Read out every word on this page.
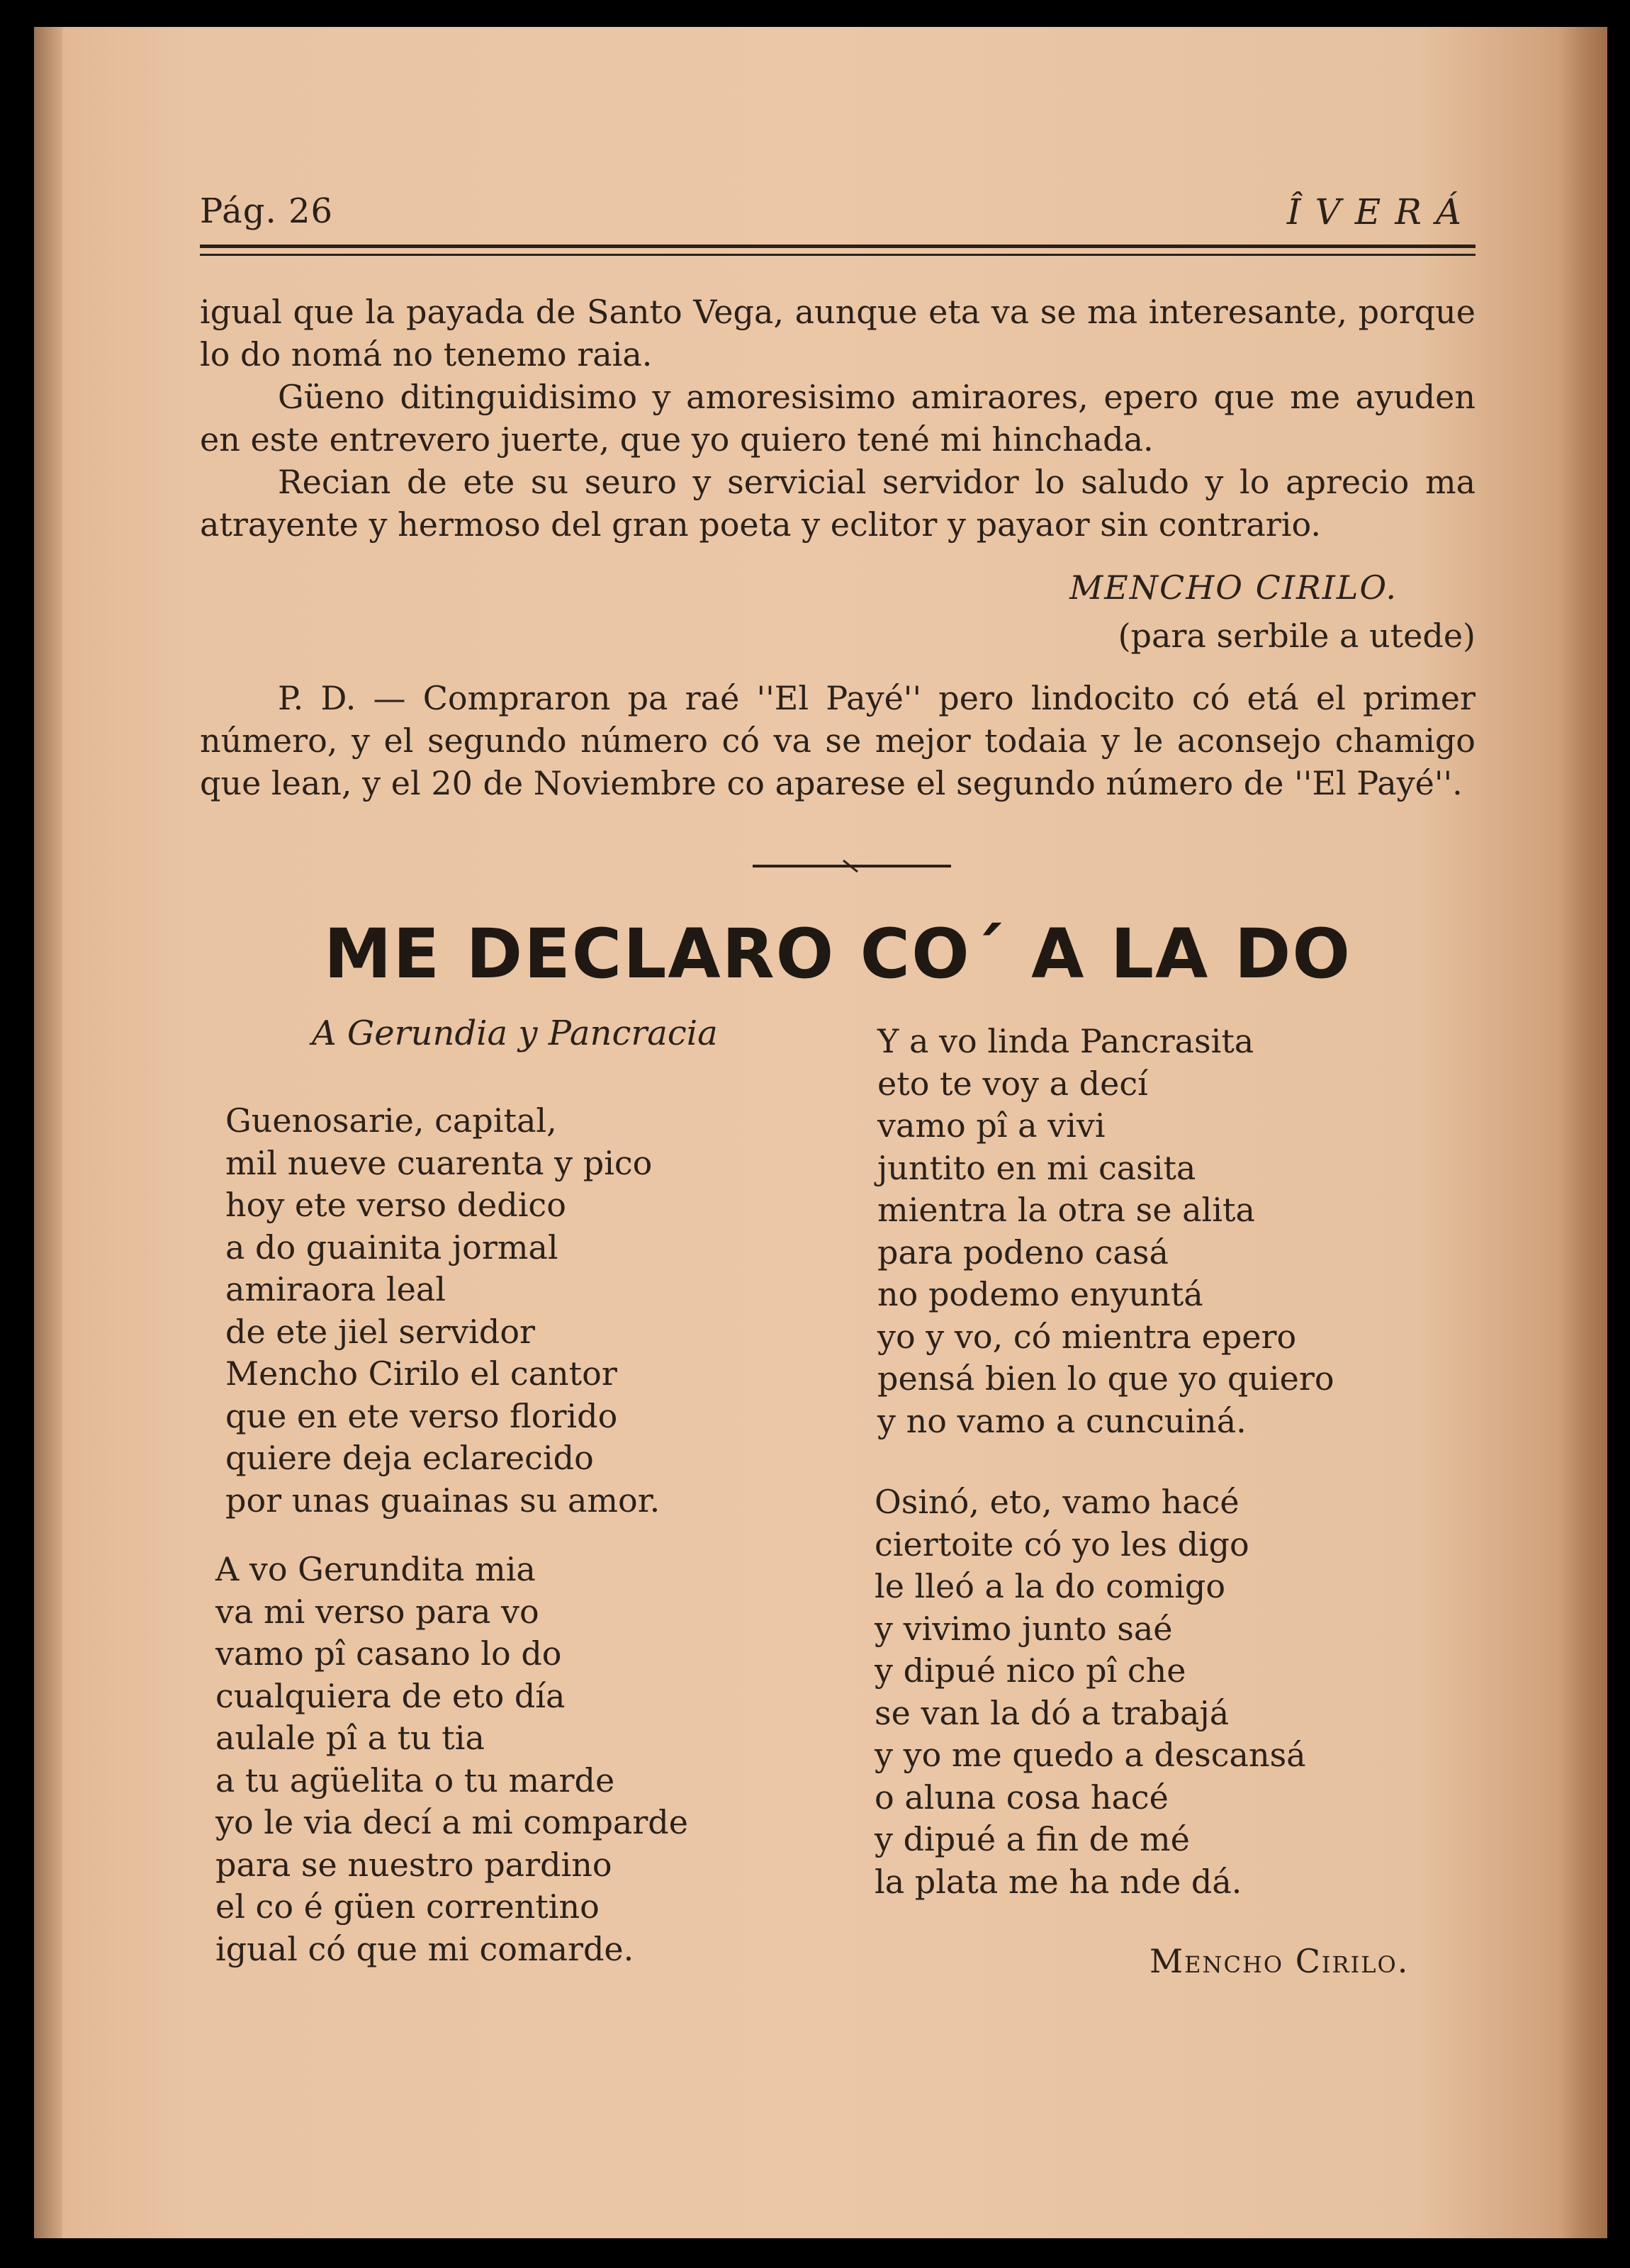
Pág. 26	ÎVERÁ

igual que la payada de Santo Vega, aunque eta va se ma interesante, porque lo do nomá no tenemo raia.

Güeno ditinguidisimo y amoresisimo amiraores, epero que me ayuden en este entrevero juerte, que yo quiero tené mi hinchada.

Recian de ete su seuro y servicial servidor lo saludo y lo aprecio ma atrayente y hermoso del gran poeta y eclitor y payaor sin contrario.

MENCHO CIRILO.
(para serbile a utede)

P. D. — Compraron pa raé ''El Payé'' pero lindocito có etá el primer número, y el segundo número có va se mejor todaia y le aconsejo chamigo que lean, y el 20 de Noviembre co aparese el segundo número de ''El Payé''.

ME DECLARO CO´ A LA DO
A Gerundia y Pancracia
Guenosarie, capital,
mil nueve cuarenta y pico
hoy ete verso dedico
a do guainita jormal
amiraora leal
de ete jiel servidor
Mencho Cirilo el cantor
que en ete verso florido
quiere deja eclarecido
por unas guainas su amor.
A vo Gerundita mia
va mi verso para vo
vamo pî casano lo do
cualquiera de eto día
aulale pî a tu tia
a tu agüelita o tu marde
yo le via decí a mi comparde
para se nuestro pardino
el co é güen correntino
igual có que mi comarde.
Y a vo linda Pancrasita
eto te voy a decí
vamo pî a vivi
juntito en mi casita
mientra la otra se alita
para podeno casá
no podemo enyuntá
yo y vo, có mientra epero
pensá bien lo que yo quiero
y no vamo a cuncuiná.
Osinó, eto, vamo hacé
ciertoite có yo les digo
le lleó a la do comigo
y vivimo junto saé
y dipué nico pî che
se van la dó a trabajá
y yo me quedo a descansá
o aluna cosa hacé
y dipué a fin de mé
la plata me ha nde dá.
Mencho Cirilo.
